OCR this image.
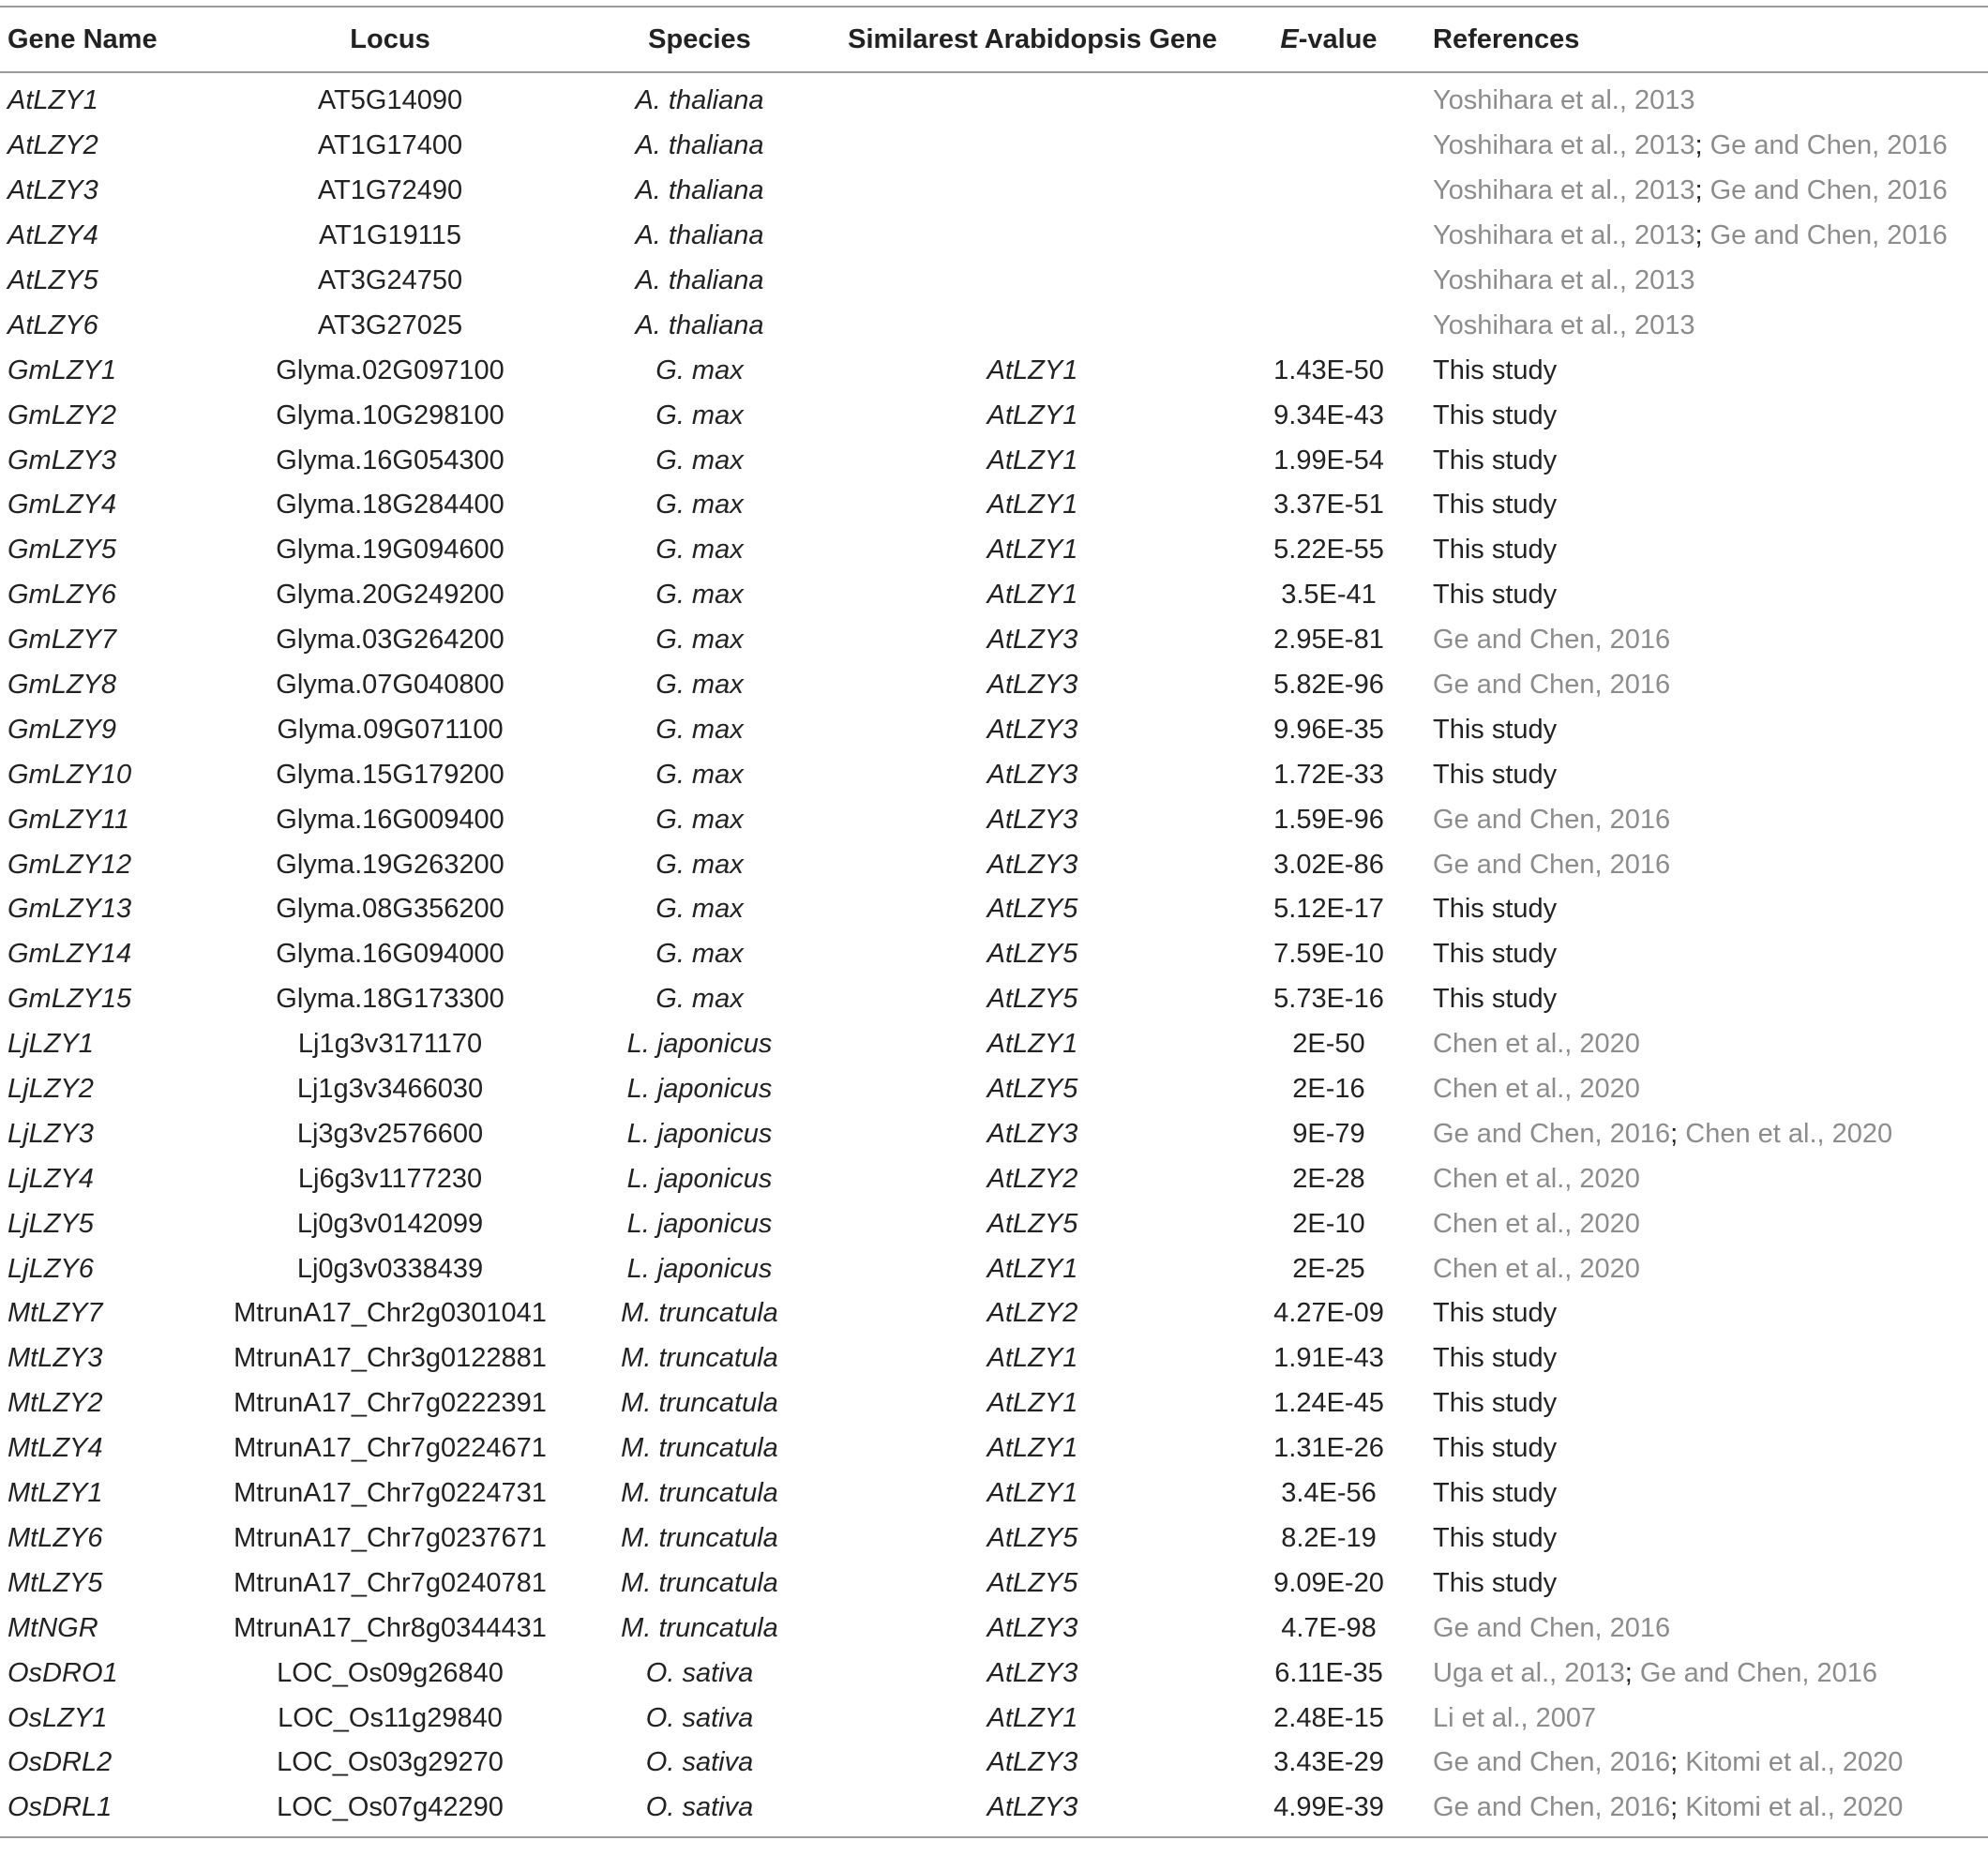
Gene Name	Locus	Species	Similarest Arabidopsis Gene	E-value	References
AtLZY1	AT5G14090	A. thaliana			Yoshihara et al., 2013
AtLZY2	AT1G17400	A. thaliana			Yoshihara et al., 2013; Ge and Chen, 2016
AtLZY3	AT1G72490	A. thaliana			Yoshihara et al., 2013; Ge and Chen, 2016
AtLZY4	AT1G19115	A. thaliana			Yoshihara et al., 2013; Ge and Chen, 2016
AtLZY5	AT3G24750	A. thaliana			Yoshihara et al., 2013
AtLZY6	AT3G27025	A. thaliana			Yoshihara et al., 2013
GmLZY1	Glyma.02G097100	G. max	AtLZY1	1.43E-50	This study
GmLZY2	Glyma.10G298100	G. max	AtLZY1	9.34E-43	This study
GmLZY3	Glyma.16G054300	G. max	AtLZY1	1.99E-54	This study
GmLZY4	Glyma.18G284400	G. max	AtLZY1	3.37E-51	This study
GmLZY5	Glyma.19G094600	G. max	AtLZY1	5.22E-55	This study
GmLZY6	Glyma.20G249200	G. max	AtLZY1	3.5E-41	This study
GmLZY7	Glyma.03G264200	G. max	AtLZY3	2.95E-81	Ge and Chen, 2016
GmLZY8	Glyma.07G040800	G. max	AtLZY3	5.82E-96	Ge and Chen, 2016
GmLZY9	Glyma.09G071100	G. max	AtLZY3	9.96E-35	This study
GmLZY10	Glyma.15G179200	G. max	AtLZY3	1.72E-33	This study
GmLZY11	Glyma.16G009400	G. max	AtLZY3	1.59E-96	Ge and Chen, 2016
GmLZY12	Glyma.19G263200	G. max	AtLZY3	3.02E-86	Ge and Chen, 2016
GmLZY13	Glyma.08G356200	G. max	AtLZY5	5.12E-17	This study
GmLZY14	Glyma.16G094000	G. max	AtLZY5	7.59E-10	This study
GmLZY15	Glyma.18G173300	G. max	AtLZY5	5.73E-16	This study
LjLZY1	Lj1g3v3171170	L. japonicus	AtLZY1	2E-50	Chen et al., 2020
LjLZY2	Lj1g3v3466030	L. japonicus	AtLZY5	2E-16	Chen et al., 2020
LjLZY3	Lj3g3v2576600	L. japonicus	AtLZY3	9E-79	Ge and Chen, 2016; Chen et al., 2020
LjLZY4	Lj6g3v1177230	L. japonicus	AtLZY2	2E-28	Chen et al., 2020
LjLZY5	Lj0g3v0142099	L. japonicus	AtLZY5	2E-10	Chen et al., 2020
LjLZY6	Lj0g3v0338439	L. japonicus	AtLZY1	2E-25	Chen et al., 2020
MtLZY7	MtrunA17_Chr2g0301041	M. truncatula	AtLZY2	4.27E-09	This study
MtLZY3	MtrunA17_Chr3g0122881	M. truncatula	AtLZY1	1.91E-43	This study
MtLZY2	MtrunA17_Chr7g0222391	M. truncatula	AtLZY1	1.24E-45	This study
MtLZY4	MtrunA17_Chr7g0224671	M. truncatula	AtLZY1	1.31E-26	This study
MtLZY1	MtrunA17_Chr7g0224731	M. truncatula	AtLZY1	3.4E-56	This study
MtLZY6	MtrunA17_Chr7g0237671	M. truncatula	AtLZY5	8.2E-19	This study
MtLZY5	MtrunA17_Chr7g0240781	M. truncatula	AtLZY5	9.09E-20	This study
MtNGR	MtrunA17_Chr8g0344431	M. truncatula	AtLZY3	4.7E-98	Ge and Chen, 2016
OsDRO1	LOC_Os09g26840	O. sativa	AtLZY3	6.11E-35	Uga et al., 2013; Ge and Chen, 2016
OsLZY1	LOC_Os11g29840	O. sativa	AtLZY1	2.48E-15	Li et al., 2007
OsDRL2	LOC_Os03g29270	O. sativa	AtLZY3	3.43E-29	Ge and Chen, 2016; Kitomi et al., 2020
OsDRL1	LOC_Os07g42290	O. sativa	AtLZY3	4.99E-39	Ge and Chen, 2016; Kitomi et al., 2020
